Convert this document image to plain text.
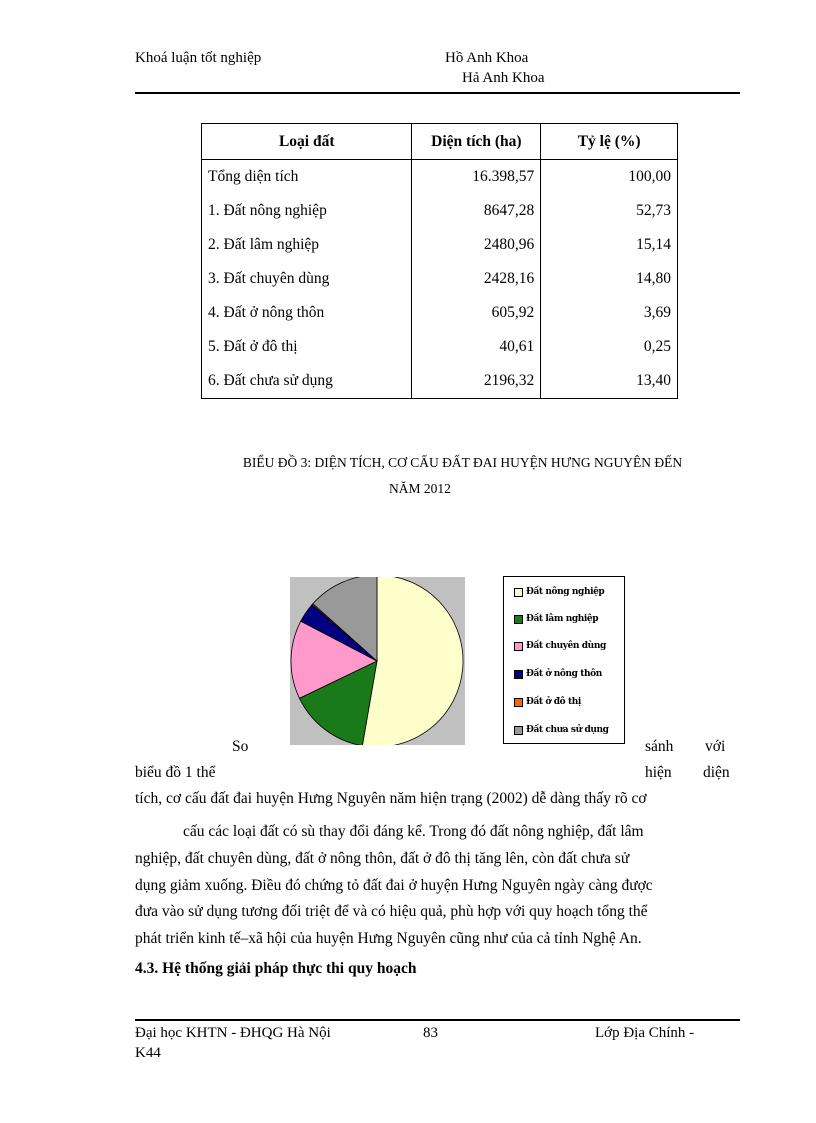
Khoá luận tốt nghiệp	Hồ Anh Khoa
Hả Anh Khoa
Loại đất	Diện tích (ha)	Tỷ lệ (%)
Tổng diện tích	16.398,57	100,00
1. Đất nông nghiệp	8647,28	52,73
2. Đất lâm nghiệp	2480,96	15,14
3. Đất chuyên dùng	2428,16	14,80
4. Đất ở nông thôn	605,92	3,69
5. Đất ở đô thị	40,61	0,25
6. Đất chưa sử dụng	2196,32	13,40
BIỂU ĐỒ 3: DIỆN TÍCH, CƠ CẤU ĐẤT ĐAI HUYỆN HƯNG NGUYÊN ĐẾN
NĂM 2012
Đất nông nghiệp
Đất lâm nghiệp
Đất chuyên dùng
Đất ở nông thôn
Đất ở đô thị
Đất chưa sử dụng
So	sánh với
biểu đồ 1 thể	hiện diện
tích, cơ cấu đất đai huyện Hưng Nguyên năm hiện trạng (2002) dễ dàng thấy rõ cơ
cấu các loại đất có sù thay đổi đáng kể. Trong đó đất nông nghiệp, đất lâm
nghiệp, đất chuyên dùng, đất ở nông thôn, đất ở đô thị tăng lên, còn đất chưa sử
dụng giảm xuống. Điều đó chứng tỏ đất đai ở huyện Hưng Nguyên ngày càng được
đưa vào sử dụng tương đối triệt để và có hiệu quả, phù hợp với quy hoạch tổng thể
phát triển kinh tế–xã hội của huyện Hưng Nguyên cũng như của cả tỉnh Nghệ An.
4.3. Hệ thống giải pháp thực thi quy hoạch
Đại học KHTN - ĐHQG Hà Nội
K44
83	Lớp Địa Chính -
